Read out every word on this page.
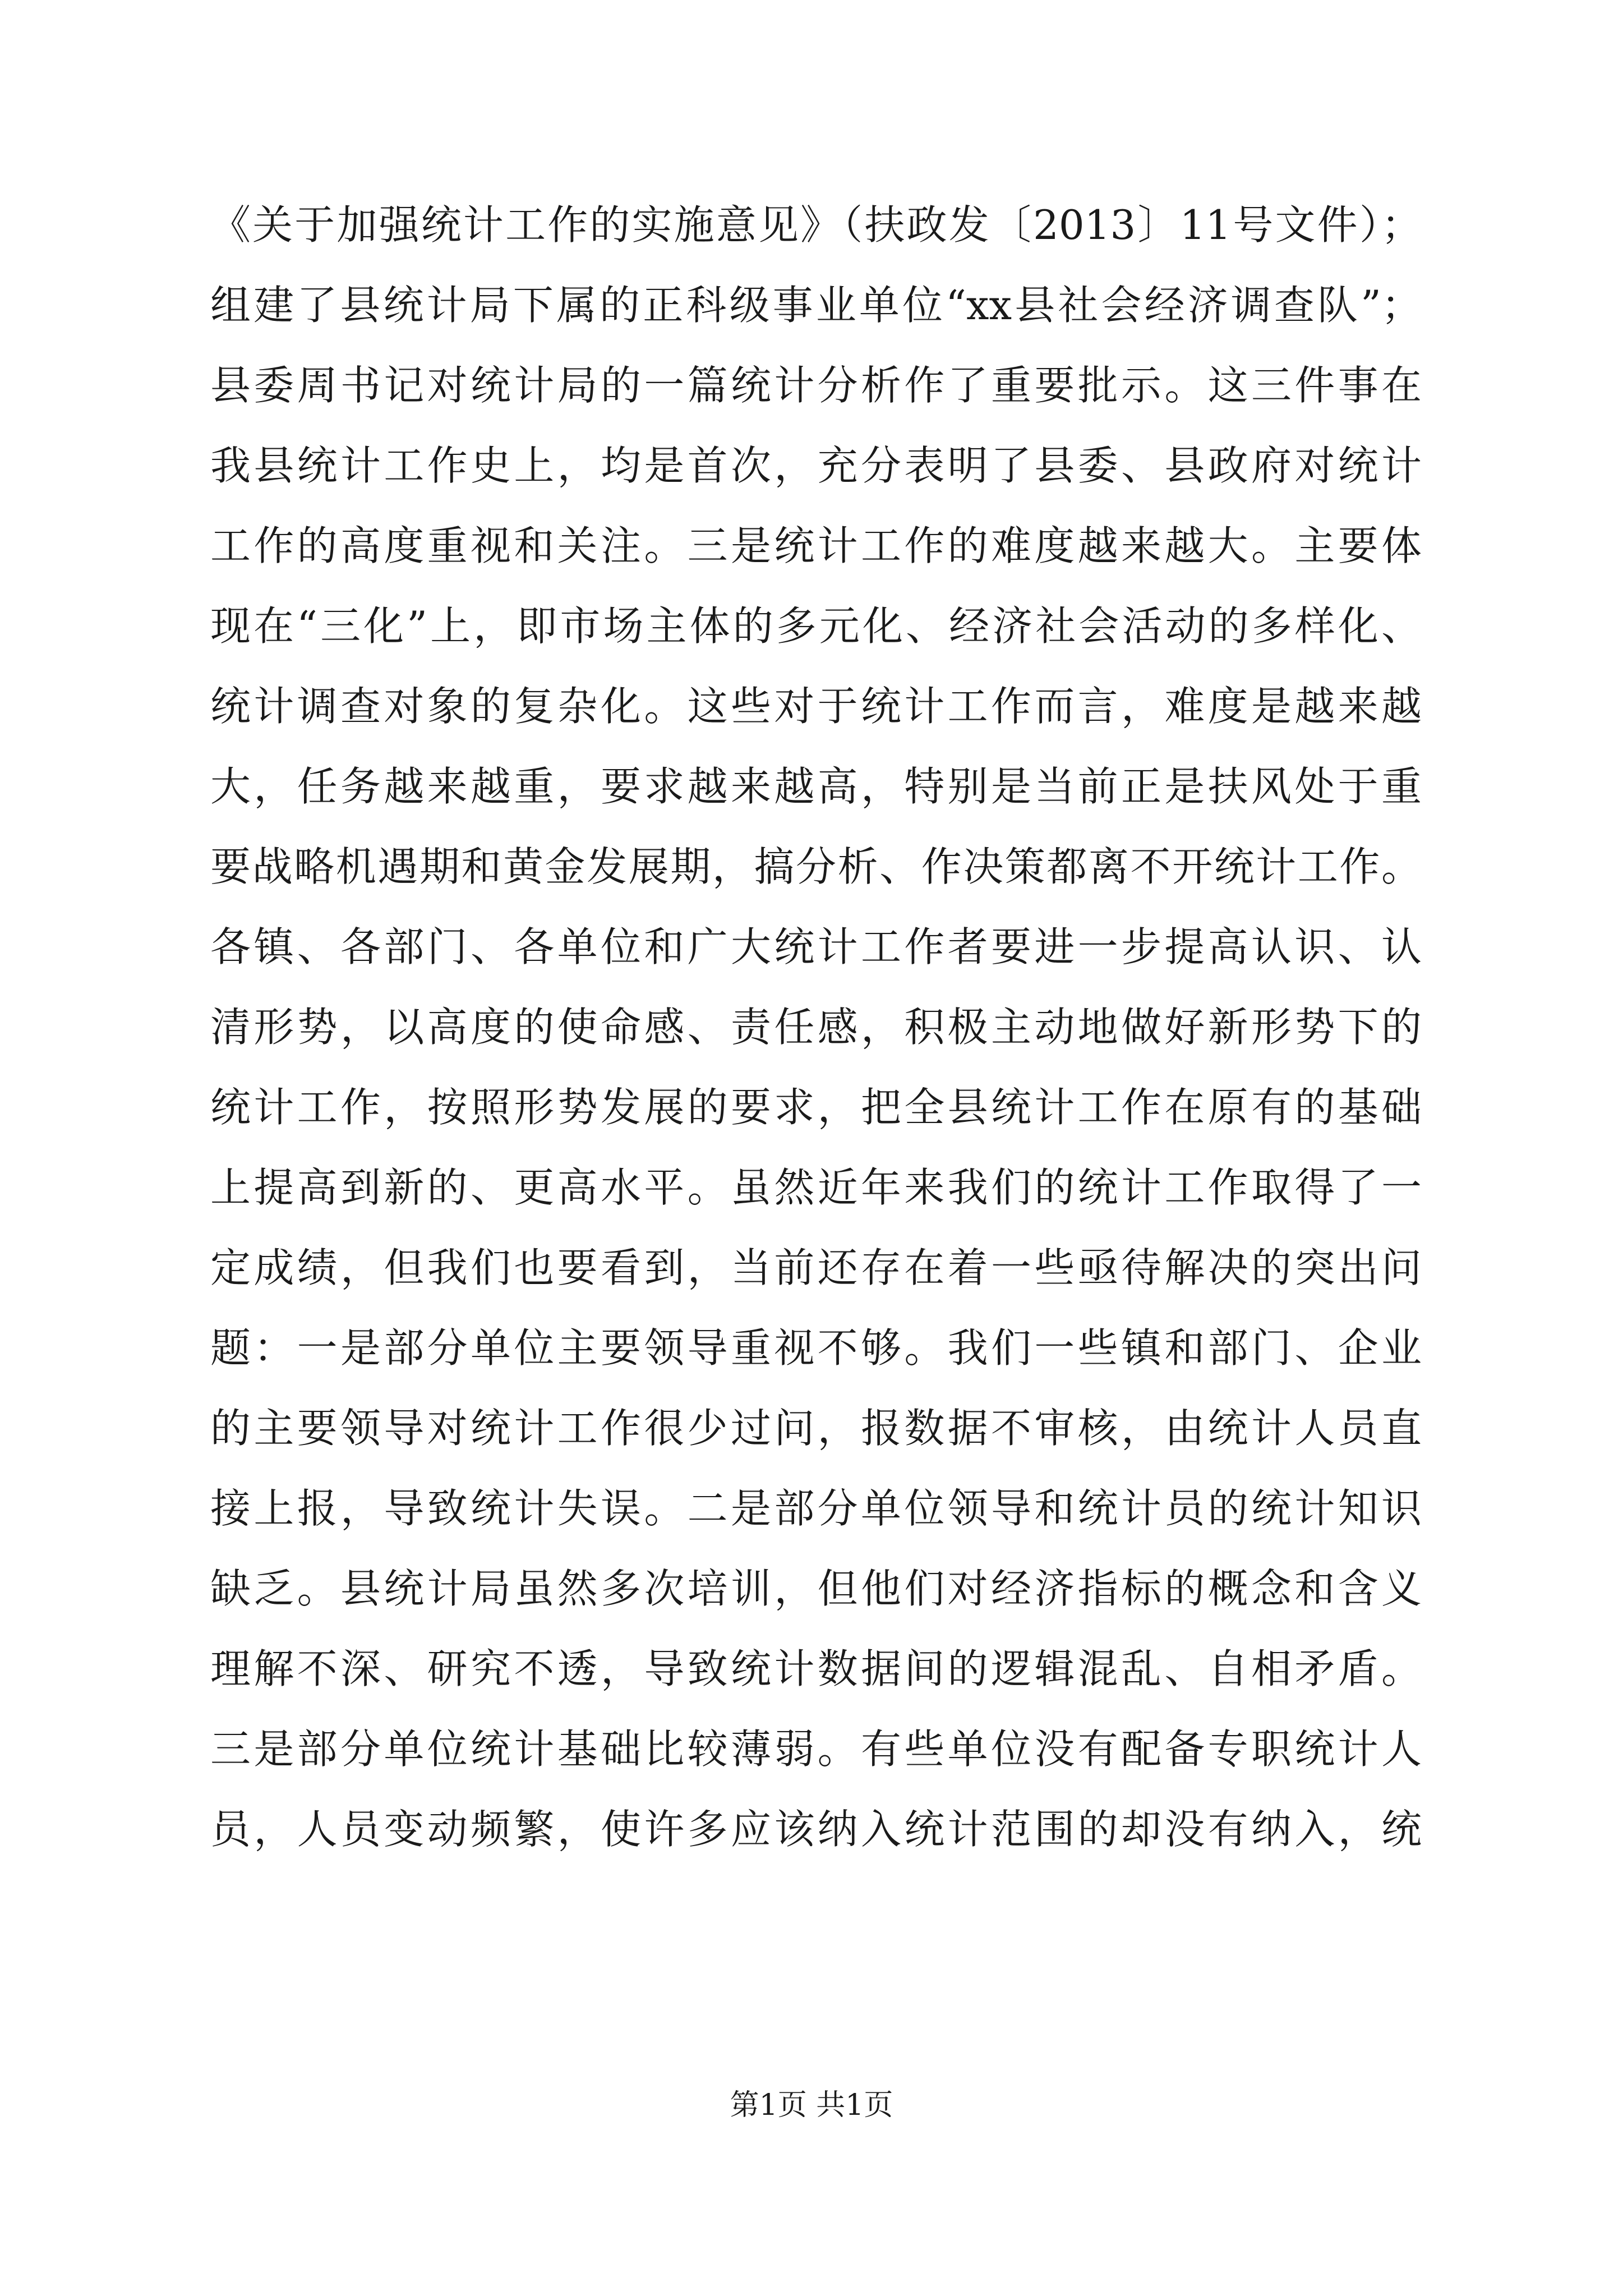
《关于加强统计工作的实施意见》（扶政发〔2013〕11号文件）；
组建了县统计局下属的正科级事业单位“xx县社会经济调查队”；
县委周书记对统计局的一篇统计分析作了重要批示。这三件事在
我县统计工作史上，均是首次，充分表明了县委、县政府对统计
工作的高度重视和关注。三是统计工作的难度越来越大。主要体
现在“三化”上，即市场主体的多元化、经济社会活动的多样化、
统计调查对象的复杂化。这些对于统计工作而言，难度是越来越
大，任务越来越重，要求越来越高，特别是当前正是扶风处于重
要战略机遇期和黄金发展期，搞分析、作决策都离不开统计工作。
各镇、各部门、各单位和广大统计工作者要进一步提高认识、认
清形势，以高度的使命感、责任感，积极主动地做好新形势下的
统计工作，按照形势发展的要求，把全县统计工作在原有的基础
上提高到新的、更高水平。虽然近年来我们的统计工作取得了一
定成绩，但我们也要看到，当前还存在着一些亟待解决的突出问
题：一是部分单位主要领导重视不够。我们一些镇和部门、企业
的主要领导对统计工作很少过问，报数据不审核，由统计人员直
接上报，导致统计失误。二是部分单位领导和统计员的统计知识
缺乏。县统计局虽然多次培训，但他们对经济指标的概念和含义
理解不深、研究不透，导致统计数据间的逻辑混乱、自相矛盾。
三是部分单位统计基础比较薄弱。有些单位没有配备专职统计人
员，人员变动频繁，使许多应该纳入统计范围的却没有纳入，统
第1页 共1页
